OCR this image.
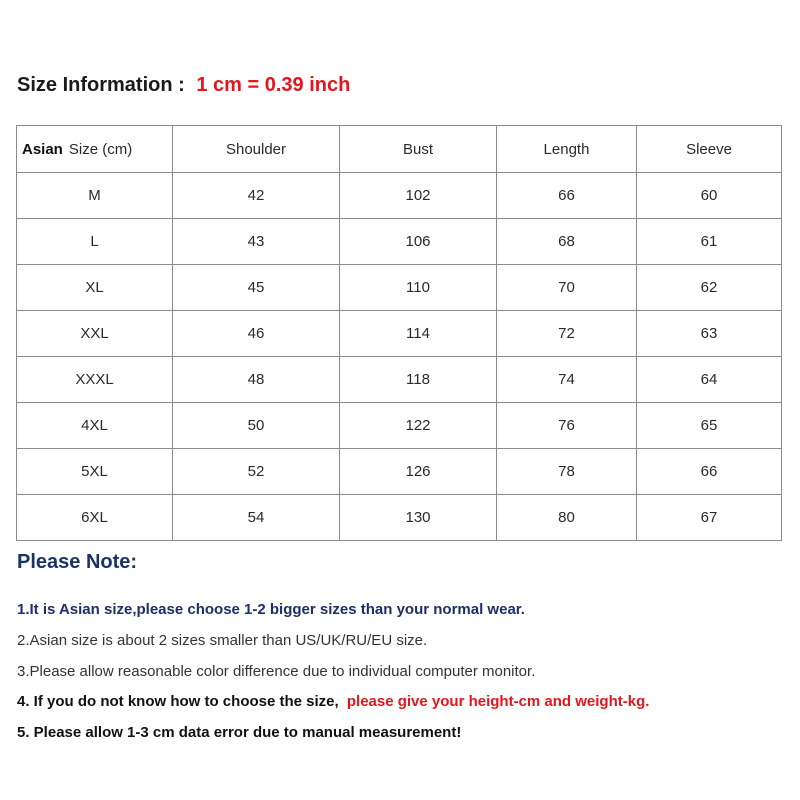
Size Information : 1 cm = 0.39 inch
Asian Size (cm)	Shoulder	Bust	Length	Sleeve
M	42	102	66	60
L	43	106	68	61
XL	45	110	70	62
XXL	46	114	72	63
XXXL	48	118	74	64
4XL	50	122	76	65
5XL	52	126	78	66
6XL	54	130	80	67
Please Note:
1.It is Asian size,please choose 1-2 bigger sizes than your normal wear.
2.Asian size is about 2 sizes smaller than US/UK/RU/EU size.
3.Please allow reasonable color difference due to individual computer monitor.
4. If you do not know how to choose the size, please give your height-cm and weight-kg.
5. Please allow 1-3 cm data error due to manual measurement!
